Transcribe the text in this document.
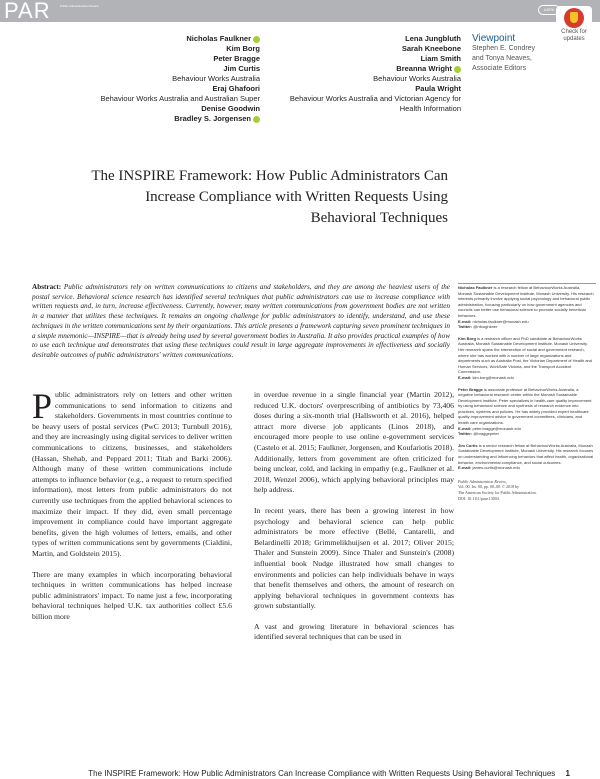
PAR	Public Administration Review
ASPA
Check for updates
Nicholas Faulkner
Kim Borg
Peter Bragge
Jim Curtis
Behaviour Works Australia
Eraj Ghafoori
Behaviour Works Australia and Australian Super
Denise Goodwin
Bradley S. Jorgensen
Lena Jungbluth
Sarah Kneebone
Liam Smith
Breanna Wright
Behaviour Works Australia
Paula Wright
Behaviour Works Australia and Victorian Agency for Health Information
Viewpoint
Stephen E. Condrey
and Tonya Neaves,
Associate Editors
The INSPIRE Framework: How Public Administrators Can Increase Compliance with Written Requests Using Behavioral Techniques
Abstract: Public administrators rely on written communications to citizens and stakeholders, and they are among the heaviest users of the postal service. Behavioral science research has identified several techniques that public administrators can use to increase compliance with written requests and, in turn, increase effectiveness. Currently, however, many written communications from government bodies are not written in a manner that utilizes these techniques. It remains an ongoing challenge for public administrators to identify, understand, and use these techniques in the written communications sent by their organizations. This article presents a framework capturing seven prominent techniques in a simple mnemonic—INSPIRE—that is already being used by several government bodies in Australia. It also provides practical examples of how to use each technique and demonstrates that using these techniques could result in large aggregate improvements in effectiveness and socially desirable outcomes of public administrators' written communications.

Public administrators rely on letters and other written communications to send information to citizens and stakeholders. Governments in most countries continue to be heavy users of postal services (PwC 2013; Turnbull 2016), and they are increasingly using digital services to deliver written communications to citizens, businesses, and stakeholders (Hassan, Shehab, and Peppard 2011; Titah and Barki 2006). Although many of these written communications include attempts to influence behavior (e.g., a request to return specified information), most letters from public administrators do not currently use techniques from the applied behavioral sciences to maximize their impact. If they did, even small percentage improvement in compliance could have important aggregate benefits, given the high volumes of letters, emails, and other types of written communications sent by governments (Cialdini, Martin, and Goldstein 2015).

There are many examples in which incorporating behavioral techniques in written communications has helped increase public administrators' impact. To name just a few, incorporating behavioral techniques helped U.K. tax authorities collect £5.6 billion more

in overdue revenue in a single financial year (Martin 2012), reduced U.K. doctors' overprescribing of antibiotics by 73,406 doses during a six-month trial (Hallsworth et al. 2016), helped attract more diverse job applicants (Linos 2018), and encouraged more people to use online e-government services (Castelo et al. 2015; Faulkner, Jorgensen, and Koufariotis 2018). Additionally, letters from government are often criticized for being unclear, cold, and lacking in empathy (e.g., Faulkner et al. 2018, Wenzel 2006), which applying behavioral principles may help address.

In recent years, there has been a growing interest in how psychology and behavioral science can help public administrators be more effective (Bellé, Cantarelli, and Belardinelli 2018; Grimmelikhuijsen et al. 2017; Oliver 2015; Thaler and Sunstein 2009). Since Thaler and Sunstein's (2008) influential book Nudge illustrated how small changes to environments and policies can help individuals behave in ways that benefit themselves and others, the amount of research on applying behavioral techniques in government contexts has grown substantially.

A vast and growing literature in behavioral sciences has identified several techniques that can be used in

Nicholas Faulkner is a research fellow at BehaviourWorks Australia, Monash Sustainable Development Institute, Monash University. His research interests primarily involve applying social psychology and behavioral public administration, focusing particularly on how government agencies and councils can better use behavioral science to promote socially beneficial behaviors.
E-mail: nicholas.faulkner@monash.edu
Twitter: @nfoughkner
Kim Borg is a research officer and PhD candidate at BehaviourWorks Australia, Monash Sustainable Development Institute, Monash University. Her research spans the intersection of social and government research, where she has worked with a number of large organizations and departments such as Australia Post, the Victorian Department of Health and Human Services, WorkSafe Victoria, and the Transport Accident Commission.
E-mail: kim.borg@monash.edu
Peter Bragge is associate professor at BehaviourWorks Australia, a negative behavioral research center within the Monash Sustainable Development Institute. Peter specializes in health-care quality improvement by using behavioral science and synthesis of research evidence into practices, systems and policies. He has widely provided expert healthcare quality improvement advice to government committees, clinicians, and health care organizations.
E-mail: peter.bragge@monash.edu
Twitter: @braggepeter
Jim Curtis is a senior research fellow at BehaviourWorks Australia, Monash Sustainable Development Institute, Monash University. His research focuses on understanding and influencing behaviors that affect health, organizational behavior, environmental compliance, and social outcomes.
E-mail: james.curtis@monash.edu
Public Administration Review,
Vol. 00, Iss. 00, pp. 00–00. © 2018 by
The American Society for Public Administration.
DOI: 10.1111/puar.13004.
The INSPIRE Framework: How Public Administrators Can Increase Compliance with Written Requests Using Behavioral Techniques 1
